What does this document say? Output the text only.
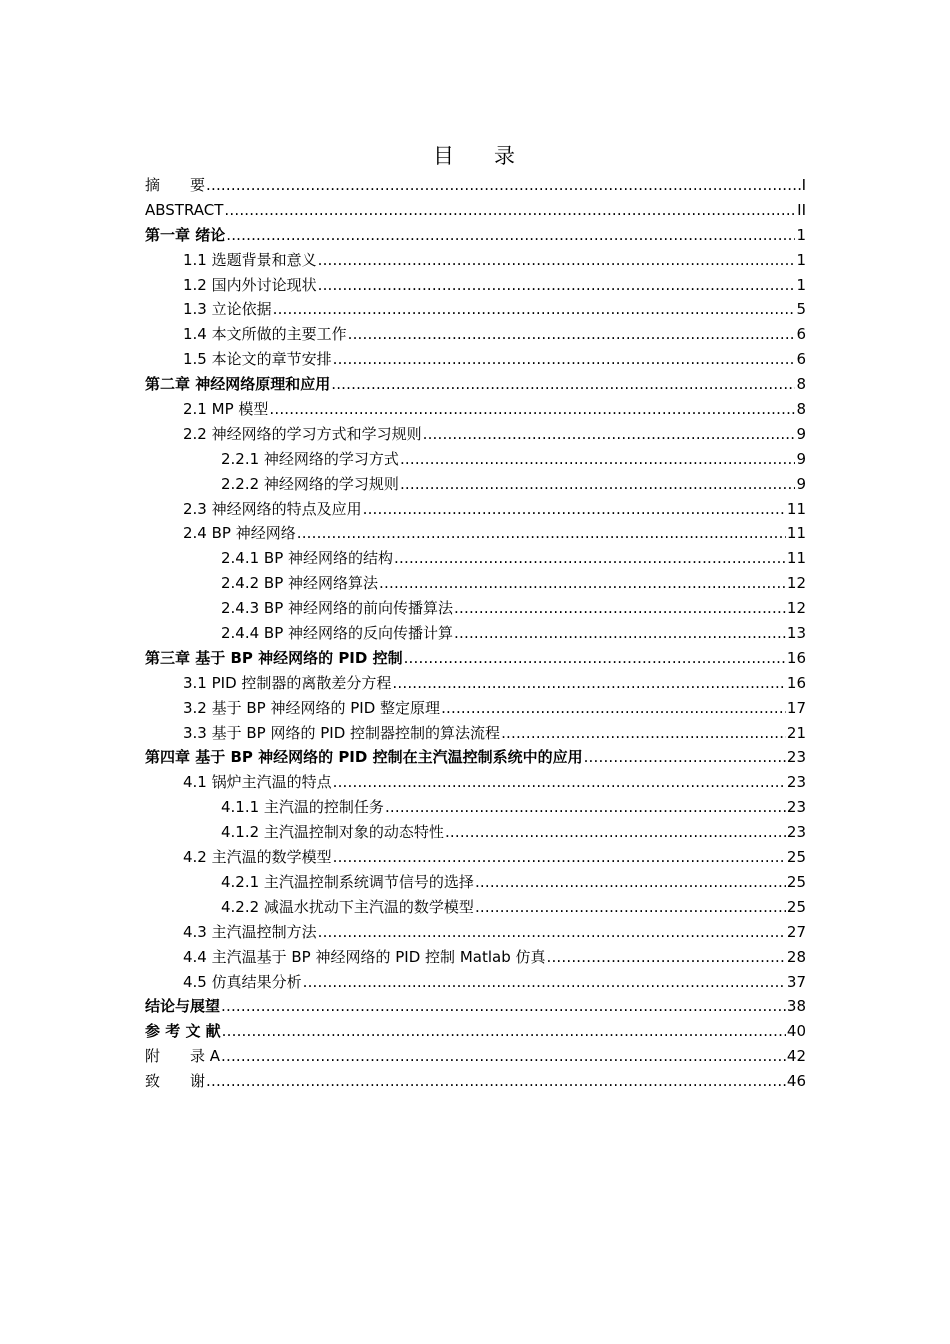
目 录
摘　　要 .....	I
ABSTRACT .....	II
第一章 绪论 .....	1
1.1 选题背景和意义 .....	1
1.2 国内外讨论现状 .....	1
1.3 立论依据 .....	5
1.4 本文所做的主要工作 .....	6
1.5 本论文的章节安排 .....	6
第二章 神经网络原理和应用 .....	8
2.1 MP 模型 .....	8
2.2 神经网络的学习方式和学习规则 .....	9
2.2.1 神经网络的学习方式 .....	9
2.2.2 神经网络的学习规则 .....	9
2.3 神经网络的特点及应用 .....	11
2.4 BP 神经网络 .....	11
2.4.1 BP 神经网络的结构 .....	11
2.4.2 BP 神经网络算法 .....	12
2.4.3 BP 神经网络的前向传播算法 .....	12
2.4.4 BP 神经网络的反向传播计算 .....	13
第三章 基于 BP 神经网络的 PID 控制 .....	16
3.1 PID 控制器的离散差分方程 .....	16
3.2 基于 BP 神经网络的 PID 整定原理 .....	17
3.3 基于 BP 网络的 PID 控制器控制的算法流程 .....	21
第四章 基于 BP 神经网络的 PID 控制在主汽温控制系统中的应用 .....	23
4.1 锅炉主汽温的特点 .....	23
4.1.1 主汽温的控制任务 .....	23
4.1.2 主汽温控制对象的动态特性 .....	23
4.2 主汽温的数学模型 .....	25
4.2.1 主汽温控制系统调节信号的选择 .....	25
4.2.2 减温水扰动下主汽温的数学模型 .....	25
4.3 主汽温控制方法 .....	27
4.4 主汽温基于 BP 神经网络的 PID 控制 Matlab 仿真 .....	28
4.5 仿真结果分析 .....	37
结论与展望 .....	38
参 考 文 献 .....	40
附　　录 A .....	42
致　　谢 .....	46
